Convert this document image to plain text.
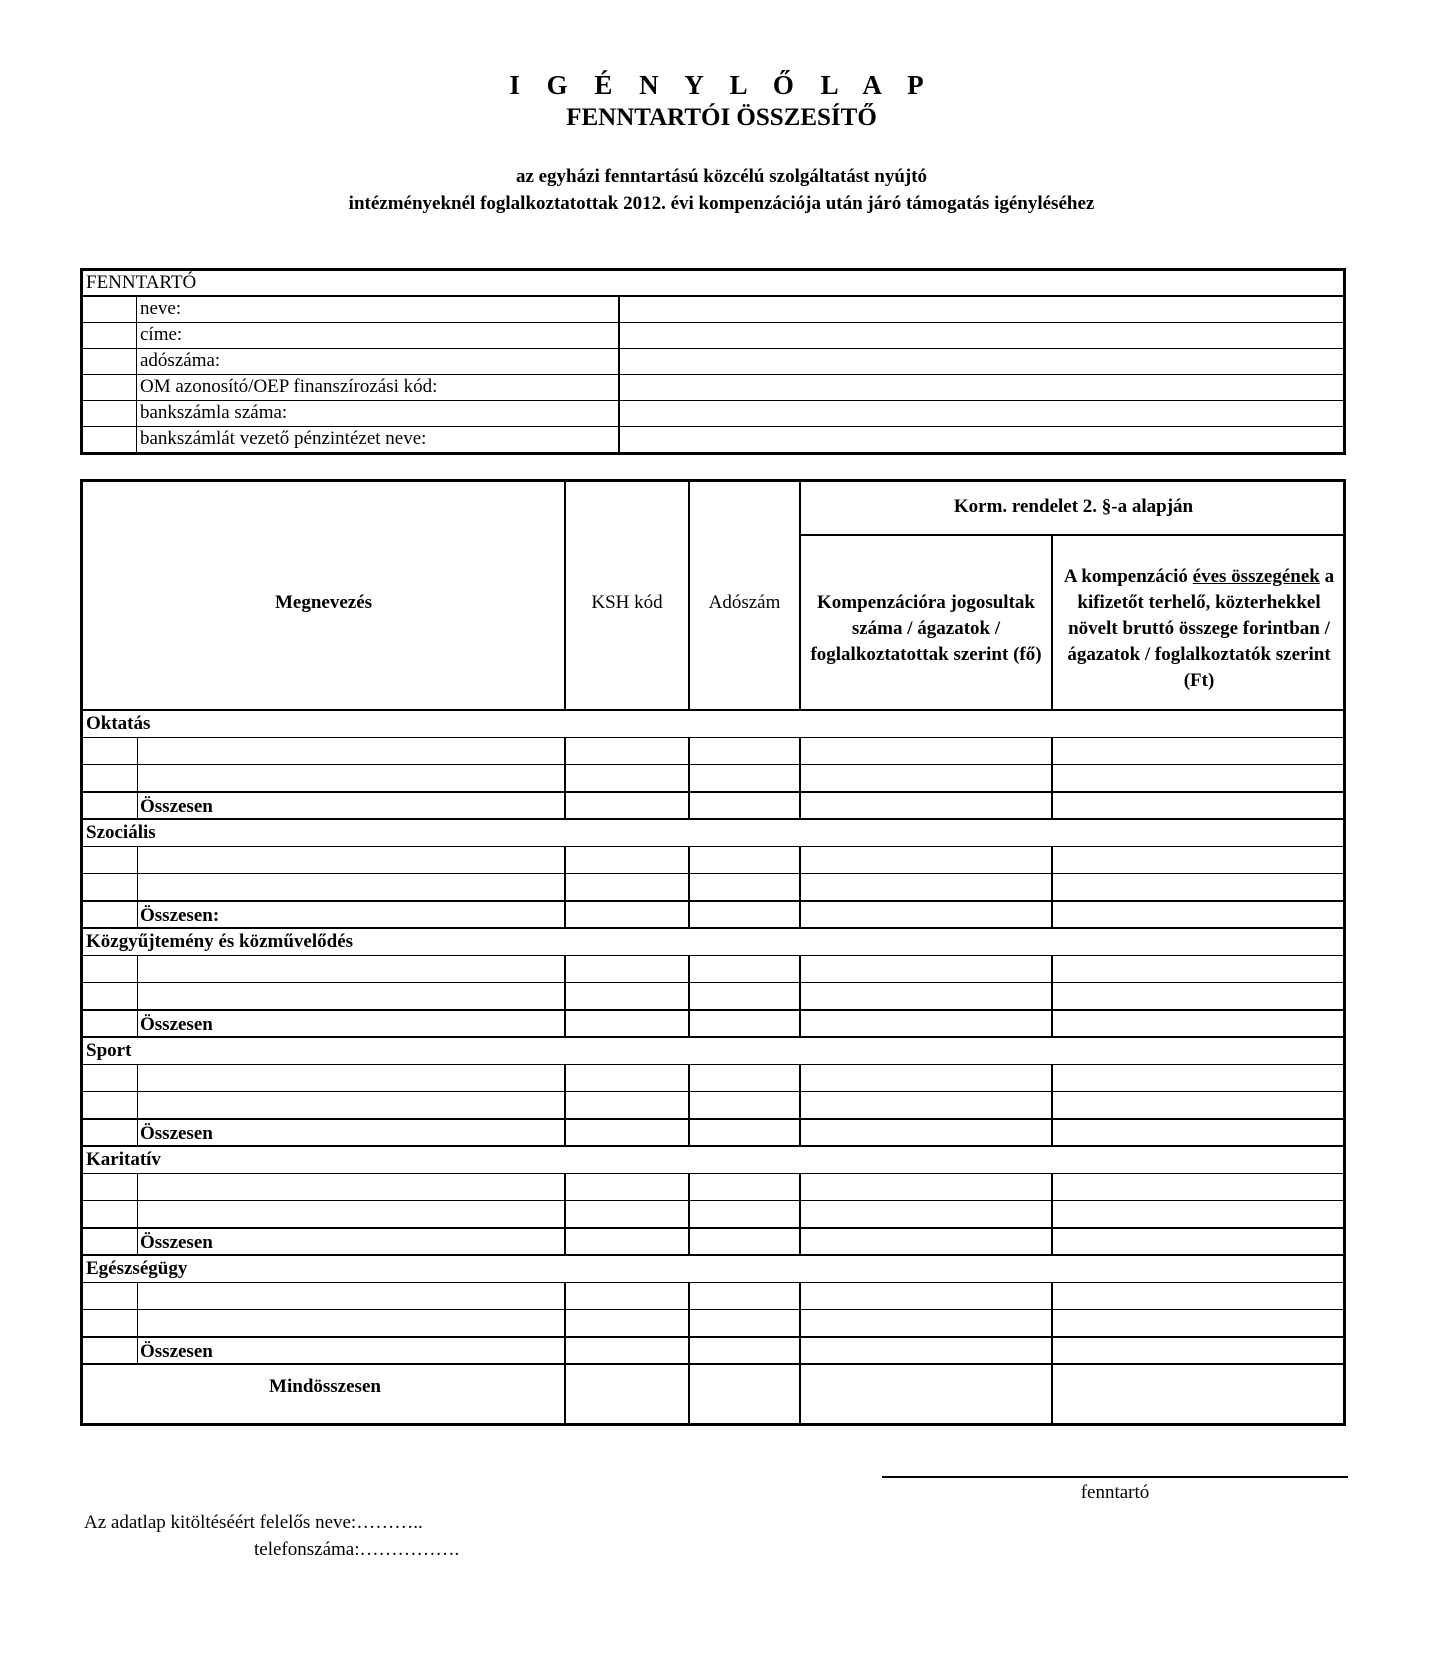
I G É N Y L Ő L A P
FENNTARTÓI ÖSSZESÍTŐ
az egyházi fenntartású közcélú szolgáltatást nyújtó
intézményeknél foglalkoztatottak 2012. évi kompenzációja után járó támogatás igényléséhez
FENNTARTÓ
neve:
címe:
adószáma:
OM azonosító/OEP finanszírozási kód:
bankszámla száma:
bankszámlát vezető pénzintézet neve:
Megnevezés	KSH kód	Adószám
Korm. rendelet 2. §-a alapján
Kompenzációra jogosultak száma / ágazatok / foglalkoztatottak szerint (fő)
A kompenzáció éves összegének a kifizetőt terhelő, közterhekkel növelt bruttó összege forintban / ágazatok / foglalkoztatók szerint (Ft)
Oktatás
Összesen
Szociális
Összesen:
Közgyűjtemény és közművelődés
Összesen
Sport
Összesen
Karitatív
Összesen
Egészségügy
Összesen
Mindösszesen
fenntartó
Az adatlap kitöltéséért felelős neve:………..
telefonszáma:…………….
